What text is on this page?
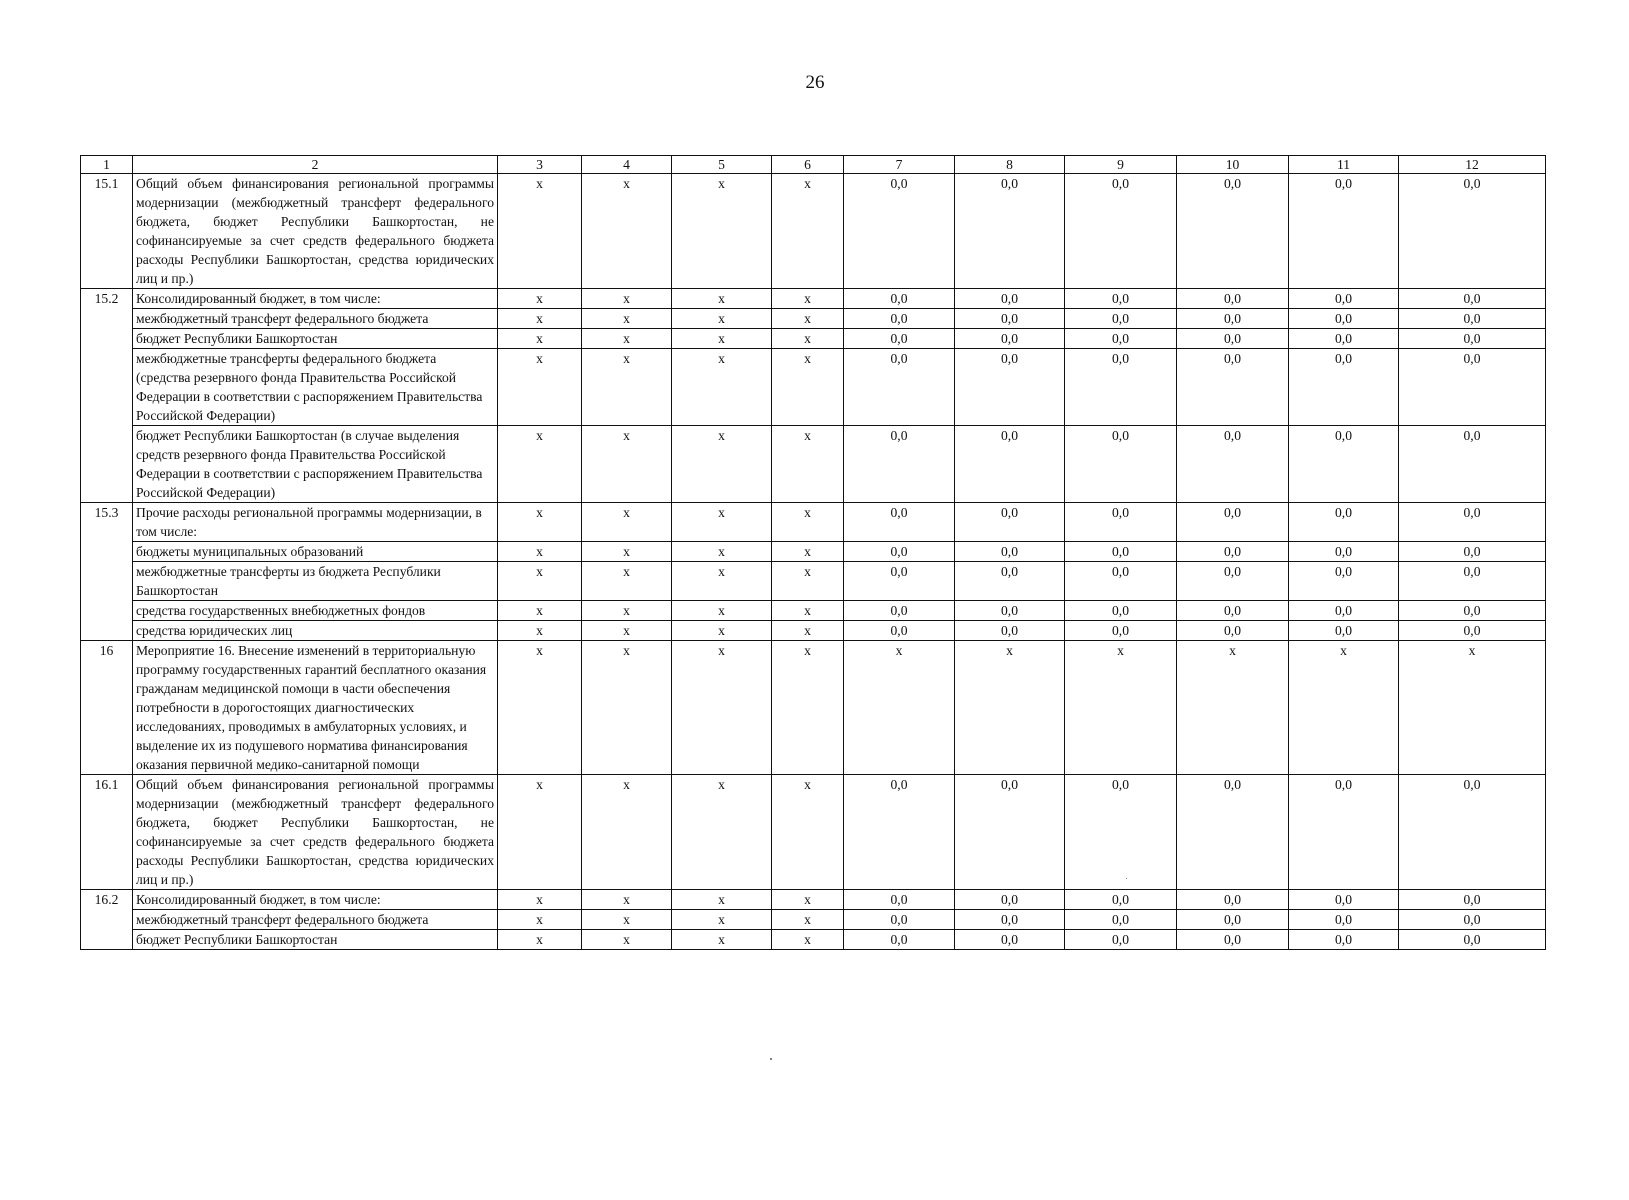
26
1	2	3	4	5	6	7	8	9	10	11	12
15.1	Общий объем финансирования региональной программы модернизации (межбюджетный трансферт федерального бюджета, бюджет Республики Башкортостан, не софинансируемые за счет средств федерального бюджета расходы Республики Башкортостан, средства юридических лиц и пр.)	x	x	x	x	0,0	0,0	0,0	0,0	0,0	0,0
15.2	Консолидированный бюджет, в том числе:	x	x	x	x	0,0	0,0	0,0	0,0	0,0	0,0
	межбюджетный трансферт федерального бюджета	x	x	x	x	0,0	0,0	0,0	0,0	0,0	0,0
	бюджет Республики Башкортостан	x	x	x	x	0,0	0,0	0,0	0,0	0,0	0,0
	межбюджетные трансферты федерального бюджета (средства резервного фонда Правительства Российской Федерации в соответствии с распоряжением Правительства Российской Федерации)	x	x	x	x	0,0	0,0	0,0	0,0	0,0	0,0
	бюджет Республики Башкортостан (в случае выделения средств резервного фонда Правительства Российской Федерации в соответствии с распоряжением Правительства Российской Федерации)	x	x	x	x	0,0	0,0	0,0	0,0	0,0	0,0
15.3	Прочие расходы региональной программы модернизации, в том числе:	x	x	x	x	0,0	0,0	0,0	0,0	0,0	0,0
	бюджеты муниципальных образований	x	x	x	x	0,0	0,0	0,0	0,0	0,0	0,0
	межбюджетные трансферты из бюджета Республики Башкортостан	x	x	x	x	0,0	0,0	0,0	0,0	0,0	0,0
	средства государственных внебюджетных фондов	x	x	x	x	0,0	0,0	0,0	0,0	0,0	0,0
	средства юридических лиц	x	x	x	x	0,0	0,0	0,0	0,0	0,0	0,0
16	Мероприятие 16. Внесение изменений в территориальную программу государственных гарантий бесплатного оказания гражданам медицинской помощи в части обеспечения потребности в дорогостоящих диагностических исследованиях, проводимых в амбулаторных условиях, и выделение их из подушевого норматива финансирования оказания первичной медико-санитарной помощи	x	x	x	x	x	x	x	x	x	x
16.1	Общий объем финансирования региональной программы модернизации (межбюджетный трансферт федерального бюджета, бюджет Республики Башкортостан, не софинансируемые за счет средств федерального бюджета расходы Республики Башкортостан, средства юридических лиц и пр.)	x	x	x	x	0,0	0,0	0,0	0,0	0,0	0,0
16.2	Консолидированный бюджет, в том числе:	x	x	x	x	0,0	0,0	0,0	0,0	0,0	0,0
	межбюджетный трансферт федерального бюджета	x	x	x	x	0,0	0,0	0,0	0,0	0,0	0,0
	бюджет Республики Башкортостан	x	x	x	x	0,0	0,0	0,0	0,0	0,0	0,0
